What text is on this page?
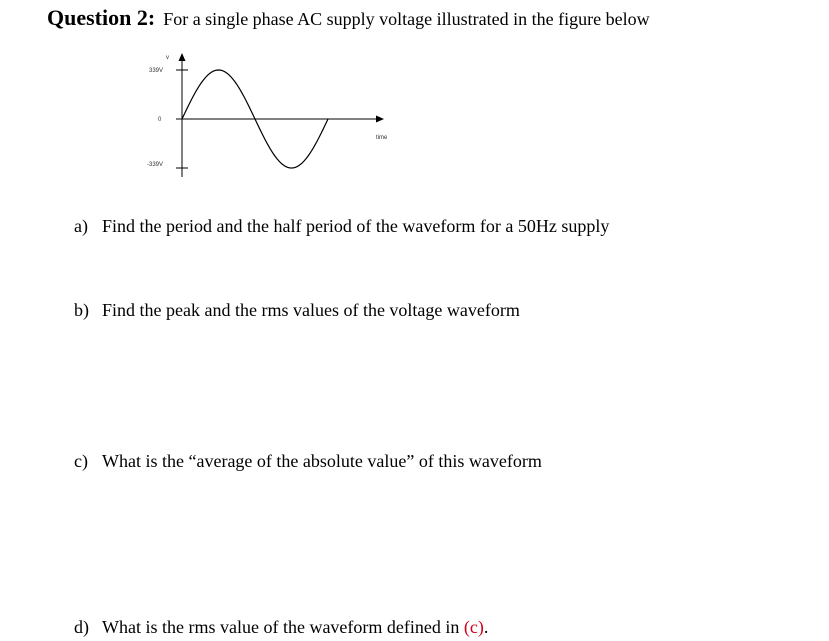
Question 2: For a single phase AC supply voltage illustrated in the figure below
v
339V
0
-339V
time
a) Find the period and the half period of the waveform for a 50Hz supply
b) Find the peak and the rms values of the voltage waveform
c) What is the “average of the absolute value” of this waveform
d) What is the rms value of the waveform defined in (c).
